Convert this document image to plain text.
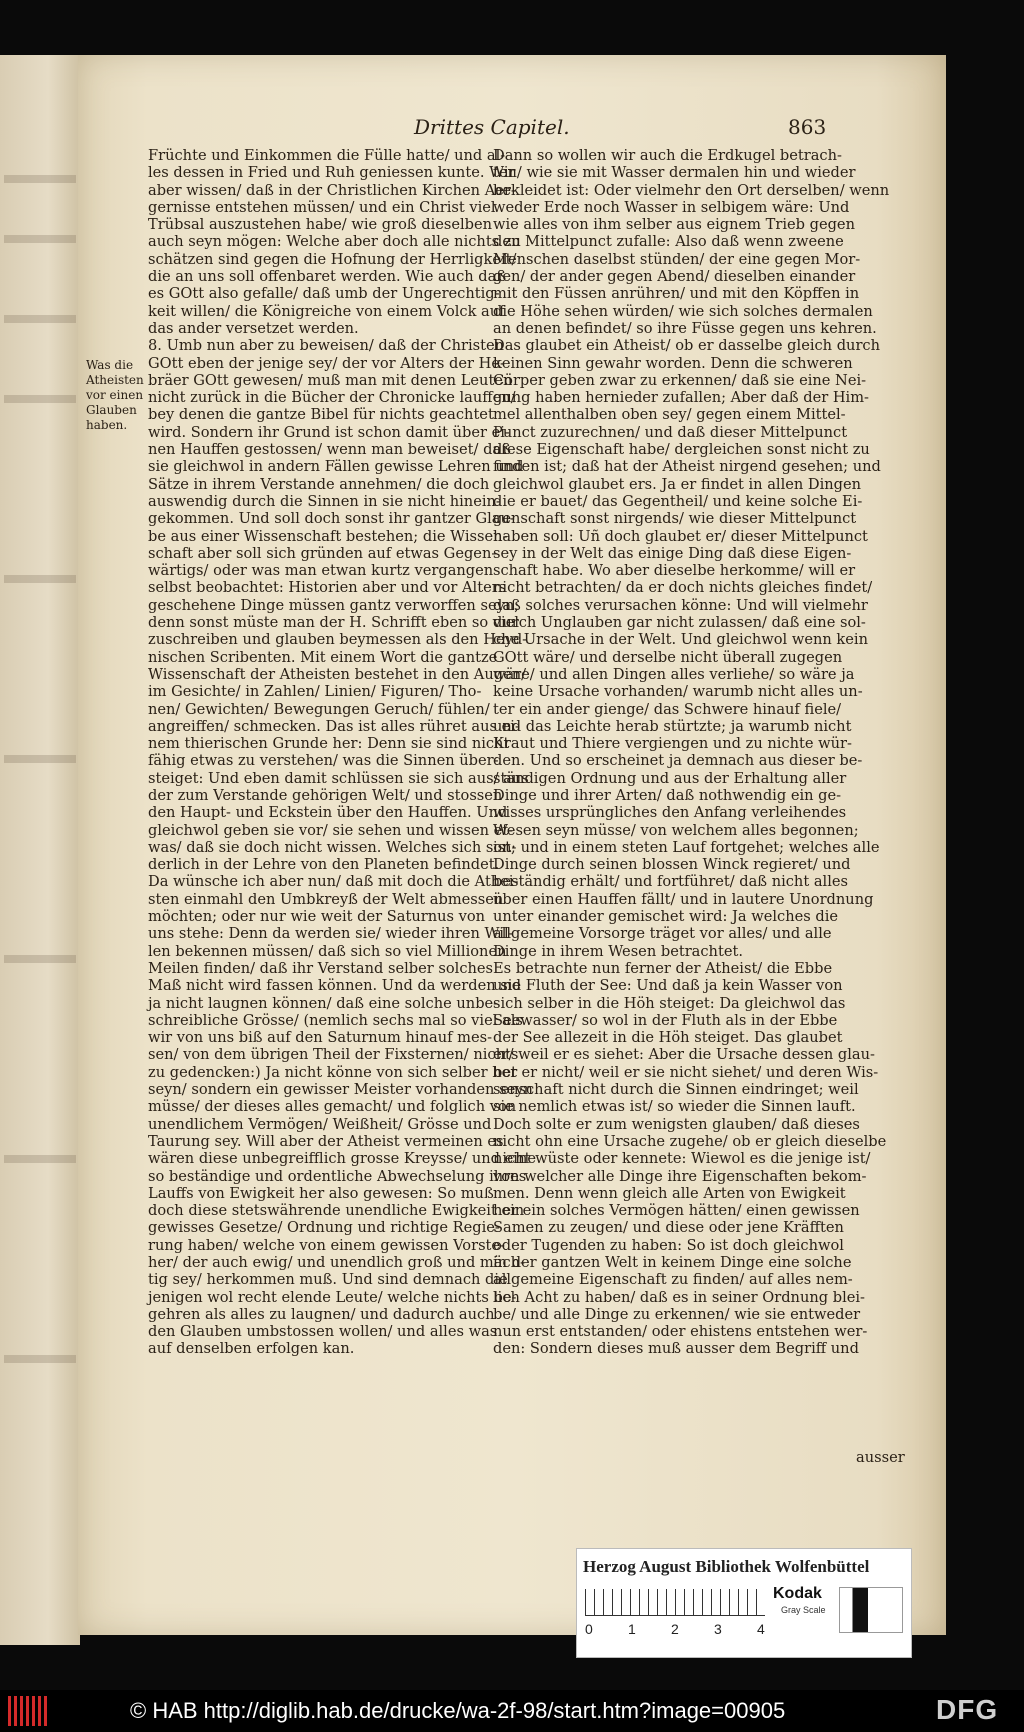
Drittes Capitel.	863

Was die

Atheisten

vor einen

Glauben

haben.

Früchte und Einkommen die Fülle hatte/ und al-

les dessen in Fried und Ruh geniessen kunte. Wir

aber wissen/ daß in der Christlichen Kirchen Aer-

gernisse entstehen müssen/ und ein Christ viel

Trübsal auszustehen habe/ wie groß dieselben

auch seyn mögen: Welche aber doch alle nichts zu

schätzen sind gegen die Hofnung der Herrligkeit/

die an uns soll offenbaret werden. Wie auch daß

es GOtt also gefalle/ daß umb der Ungerechtig-

keit willen/ die Königreiche von einem Volck auf

das ander versetzet werden.

8. Umb nun aber zu beweisen/ daß der Christen

GOtt eben der jenige sey/ der vor Alters der He-

bräer GOtt gewesen/ muß man mit denen Leuten

nicht zurück in die Bücher der Chronicke lauffen/

bey denen die gantze Bibel für nichts geachtet

wird. Sondern ihr Grund ist schon damit über ei-

nen Hauffen gestossen/ wenn man beweiset/ daß

sie gleichwol in andern Fällen gewisse Lehren und

Sätze in ihrem Verstande annehmen/ die doch

auswendig durch die Sinnen in sie nicht hinein-

gekommen. Und soll doch sonst ihr gantzer Glau-

be aus einer Wissenschaft bestehen; die Wissen-

schaft aber soll sich gründen auf etwas Gegen-

wärtigs/ oder was man etwan kurtz vergangen

selbst beobachtet: Historien aber und vor Alters

geschehene Dinge müssen gantz verworffen seyn;

denn sonst müste man der H. Schrifft eben so viel

zuschreiben und glauben beymessen als den Heyd-

nischen Scribenten. Mit einem Wort die gantze

Wissenschaft der Atheisten bestehet in den Augen/

im Gesichte/ in Zahlen/ Linien/ Figuren/ Tho-

nen/ Gewichten/ Bewegungen Geruch/ fühlen/

angreiffen/ schmecken. Das ist alles rühret aus ei-

nem thierischen Grunde her: Denn sie sind nicht

fähig etwas zu verstehen/ was die Sinnen über-

steiget: Und eben damit schlüssen sie sich aus/ aus

der zum Verstande gehörigen Welt/ und stossen

den Haupt- und Eckstein über den Hauffen. Und

gleichwol geben sie vor/ sie sehen und wissen et-

was/ daß sie doch nicht wissen. Welches sich son-

derlich in der Lehre von den Planeten befindet.

Da wünsche ich aber nun/ daß mit doch die Athei-

sten einmahl den Umbkreyß der Welt abmessen

möchten; oder nur wie weit der Saturnus von

uns stehe: Denn da werden sie/ wieder ihren Wil-

len bekennen müssen/ daß sich so viel Millionen

Meilen finden/ daß ihr Verstand selber solches

Maß nicht wird fassen können. Und da werden sie

ja nicht laugnen können/ daß eine solche unbe-

schreibliche Grösse/ (nemlich sechs mal so viel als

wir von uns biß auf den Saturnum hinauf mes-

sen/ von dem übrigen Theil der Fixsternen/ nichts

zu gedencken:) Ja nicht könne von sich selber her

seyn/ sondern ein gewisser Meister vorhanden seyn

müsse/ der dieses alles gemacht/ und folglich von

unendlichem Vermögen/ Weißheit/ Grösse und

Taurung sey. Will aber der Atheist vermeinen es

wären diese unbegreifflich grosse Kreysse/ und eine

so beständige und ordentliche Abwechselung ihres

Lauffs von Ewigkeit her also gewesen: So muß

doch diese stetswährende unendliche Ewigkeit ein

gewisses Gesetze/ Ordnung und richtige Regie-

rung haben/ welche von einem gewissen Vorste-

her/ der auch ewig/ und unendlich groß und mäch-

tig sey/ herkommen muß. Und sind demnach die

jenigen wol recht elende Leute/ welche nichts be-

gehren als alles zu laugnen/ und dadurch auch

den Glauben umbstossen wollen/ und alles was

auf denselben erfolgen kan.

Dann so wollen wir auch die Erdkugel betrach-

ten/ wie sie mit Wasser dermalen hin und wieder

bekleidet ist: Oder vielmehr den Ort derselben/ wenn

weder Erde noch Wasser in selbigem wäre: Und

wie alles von ihm selber aus eignem Trieb gegen

den Mittelpunct zufalle: Also daß wenn zweene

Menschen daselbst stünden/ der eine gegen Mor-

gen/ der ander gegen Abend/ dieselben einander

mit den Füssen anrühren/ und mit den Köpffen in

die Höhe sehen würden/ wie sich solches dermalen

an denen befindet/ so ihre Füsse gegen uns kehren.

Das glaubet ein Atheist/ ob er dasselbe gleich durch

keinen Sinn gewahr worden. Denn die schweren

Cörper geben zwar zu erkennen/ daß sie eine Nei-

gung haben hernieder zufallen; Aber daß der Him-

mel allenthalben oben sey/ gegen einem Mittel-

Punct zuzurechnen/ und daß dieser Mittelpunct

diese Eigenschaft habe/ dergleichen sonst nicht zu

finden ist; daß hat der Atheist nirgend gesehen; und

gleichwol glaubet ers. Ja er findet in allen Dingen

die er bauet/ das Gegentheil/ und keine solche Ei-

genschaft sonst nirgends/ wie dieser Mittelpunct

haben soll: Uñ doch glaubet er/ dieser Mittelpunct

sey in der Welt das einige Ding daß diese Eigen-

schaft habe. Wo aber dieselbe herkomme/ will er

nicht betrachten/ da er doch nichts gleiches findet/

daß solches verursachen könne: Und will vielmehr

durch Unglauben gar nicht zulassen/ daß eine sol-

che Ursache in der Welt. Und gleichwol wenn kein

GOtt wäre/ und derselbe nicht überall zugegen

wäre/ und allen Dingen alles verliehe/ so wäre ja

keine Ursache vorhanden/ warumb nicht alles un-

ter ein ander gienge/ das Schwere hinauf fiele/

und das Leichte herab stürtzte; ja warumb nicht

Kraut und Thiere vergiengen und zu nichte wür-

den. Und so erscheinet ja demnach aus dieser be-

ständigen Ordnung und aus der Erhaltung aller

Dinge und ihrer Arten/ daß nothwendig ein ge-

wisses ursprüngliches den Anfang verleihendes

Wesen seyn müsse/ von welchem alles begonnen;

ist; und in einem steten Lauf fortgehet; welches alle

Dinge durch seinen blossen Winck regieret/ und

beständig erhält/ und fortführet/ daß nicht alles

über einen Hauffen fällt/ und in lautere Unordnung

unter einander gemischet wird: Ja welches die

allgemeine Vorsorge träget vor alles/ und alle

Dinge in ihrem Wesen betrachtet.

Es betrachte nun ferner der Atheist/ die Ebbe

und Fluth der See: Und daß ja kein Wasser von

sich selber in die Höh steiget: Da gleichwol das

Seewasser/ so wol in der Fluth als in der Ebbe

der See allezeit in die Höh steiget. Das glaubet

er/ weil er es siehet: Aber die Ursache dessen glau-

bet er nicht/ weil er sie nicht siehet/ und deren Wis-

senschaft nicht durch die Sinnen eindringet; weil

sie nemlich etwas ist/ so wieder die Sinnen lauft.

Doch solte er zum wenigsten glauben/ daß dieses

nicht ohn eine Ursache zugehe/ ob er gleich dieselbe

nicht wüste oder kennete: Wiewol es die jenige ist/

von welcher alle Dinge ihre Eigenschaften bekom-

men. Denn wenn gleich alle Arten von Ewigkeit

her ein solches Vermögen hätten/ einen gewissen

Samen zu zeugen/ und diese oder jene Kräfften

oder Tugenden zu haben: So ist doch gleichwol

in der gantzen Welt in keinem Dinge eine solche

allgemeine Eigenschaft zu finden/ auf alles nem-

lich Acht zu haben/ daß es in seiner Ordnung blei-

be/ und alle Dinge zu erkennen/ wie sie entweder

nun erst entstanden/ oder ehistens entstehen wer-

den: Sondern dieses muß ausser dem Begriff und

ausser
Herzog August Bibliothek Wolfenbüttel
0	1	2	3	4
Kodak
Gray Scale
© HAB http://diglib.hab.de/drucke/wa-2f-98/start.htm?image=00905	DFG
